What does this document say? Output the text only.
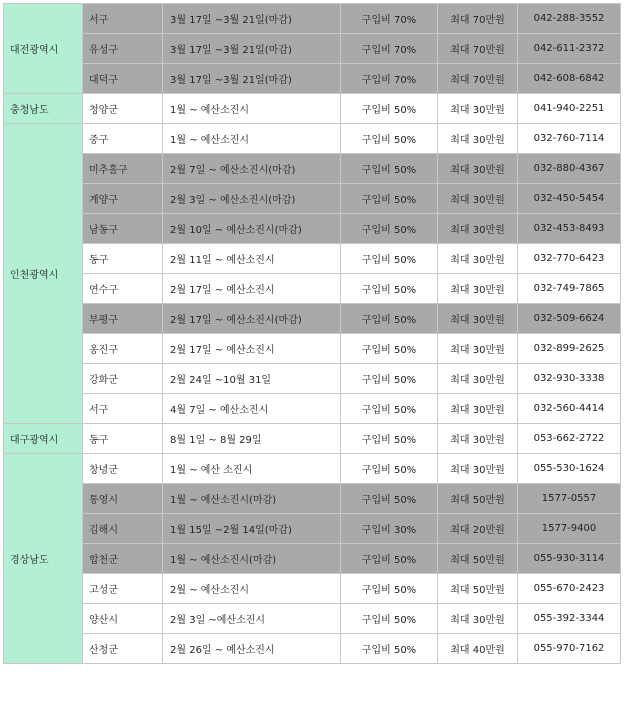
대전광역시	서구	3월 17일 ~3월 21일(마감)	구입비 70%	최대 70만원	042-288-3552
	유성구	3월 17일 ~3월 21일(마감)	구입비 70%	최대 70만원	042-611-2372
	대덕구	3월 17일 ~3월 21일(마감)	구입비 70%	최대 70만원	042-608-6842
충청남도	청양군	1월 ~ 예산소진시	구입비 50%	최대 30만원	041-940-2251
인천광역시	중구	1월 ~ 예산소진시	구입비 50%	최대 30만원	032-760-7114
	미추홀구	2월 7일 ~ 예산소진시(마감)	구입비 50%	최대 30만원	032-880-4367
	계양구	2월 3일 ~ 예산소진시(마감)	구입비 50%	최대 30만원	032-450-5454
	남동구	2월 10일 ~ 예산소진시(마감)	구입비 50%	최대 30만원	032-453-8493
	동구	2월 11일 ~ 예산소진시	구입비 50%	최대 30만원	032-770-6423
	연수구	2월 17일 ~ 예산소진시	구입비 50%	최대 30만원	032-749-7865
	부평구	2월 17일 ~ 예산소진시(마감)	구입비 50%	최대 30만원	032-509-6624
	옹진구	2월 17일 ~ 예산소진시	구입비 50%	최대 30만원	032-899-2625
	강화군	2월 24일 ~10월 31일	구입비 50%	최대 30만원	032-930-3338
	서구	4월 7일 ~ 예산소진시	구입비 50%	최대 30만원	032-560-4414
대구광역시	동구	8월 1일 ~ 8월 29일	구입비 50%	최대 30만원	053-662-2722
경상남도	창녕군	1월 ~ 예산 소진시	구입비 50%	최대 30만원	055-530-1624
	통영시	1월 ~ 예산소진시(마감)	구입비 50%	최대 50만원	1577-0557
	김해시	1월 15일 ~2월 14일(마감)	구입비 30%	최대 20만원	1577-9400
	합천군	1월 ~ 예산소진시(마감)	구입비 50%	최대 50만원	055-930-3114
	고성군	2월 ~ 예산소진시	구입비 50%	최대 50만원	055-670-2423
	양산시	2월 3일 ~예산소진시	구입비 50%	최대 30만원	055-392-3344
	산청군	2월 26일 ~ 예산소진시	구입비 50%	최대 40만원	055-970-7162
